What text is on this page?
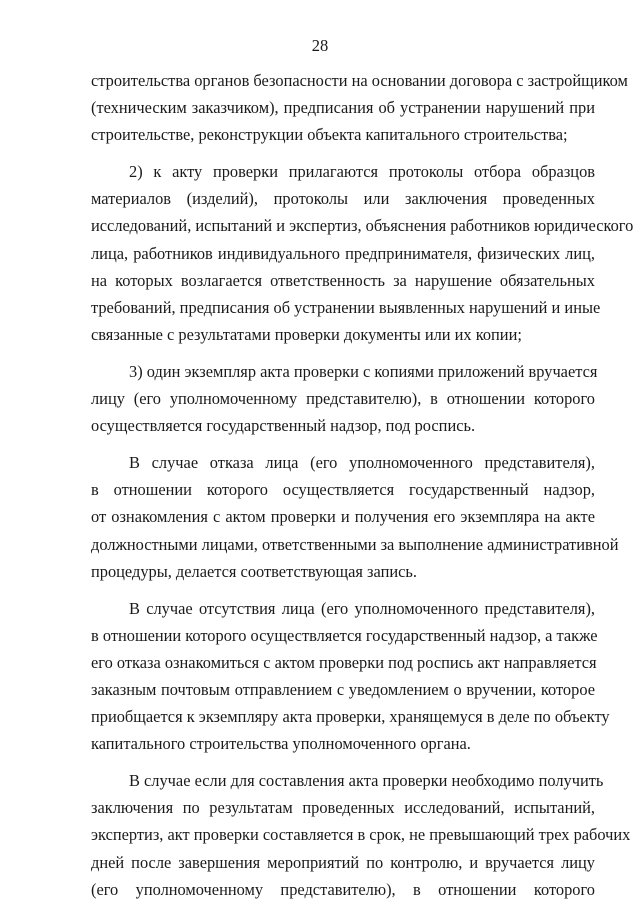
28
строительства органов безопасности на основании договора с застройщиком
(техническим заказчиком), предписания об устранении нарушений при
строительстве, реконструкции объекта капитального строительства;
2) к акту проверки прилагаются протоколы отбора образцов
материалов (изделий), протоколы или заключения проведенных
исследований, испытаний и экспертиз, объяснения работников юридического
лица, работников индивидуального предпринимателя, физических лиц,
на которых возлагается ответственность за нарушение обязательных
требований, предписания об устранении выявленных нарушений и иные
связанные с результатами проверки документы или их копии;
3) один экземпляр акта проверки с копиями приложений вручается
лицу (его уполномоченному представителю), в отношении которого
осуществляется государственный надзор, под роспись.
В случае отказа лица (его уполномоченного представителя),
в отношении которого осуществляется государственный надзор,
от ознакомления с актом проверки и получения его экземпляра на акте
должностными лицами, ответственными за выполнение административной
процедуры, делается соответствующая запись.
В случае отсутствия лица (его уполномоченного представителя),
в отношении которого осуществляется государственный надзор, а также
его отказа ознакомиться с актом проверки под роспись акт направляется
заказным почтовым отправлением с уведомлением о вручении, которое
приобщается к экземпляру акта проверки, хранящемуся в деле по объекту
капитального строительства уполномоченного органа.
В случае если для составления акта проверки необходимо получить
заключения по результатам проведенных исследований, испытаний,
экспертиз, акт проверки составляется в срок, не превышающий трех рабочих
дней после завершения мероприятий по контролю, и вручается лицу
(его уполномоченному представителю), в отношении которого
